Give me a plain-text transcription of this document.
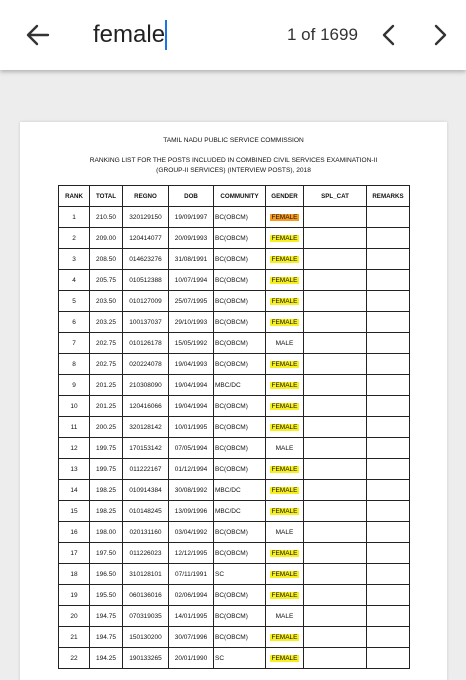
female
1 of 1699
TAMIL NADU PUBLIC SERVICE COMMISSION
RANKING LIST FOR THE POSTS INCLUDED IN COMBINED CIVIL SERVICES EXAMINATION-II
(GROUP-II SERVICES) (INTERVIEW POSTS), 2018
RANK	TOTAL	REGNO	DOB	COMMUNITY	GENDER	SPL_CAT	REMARKS
1	210.50	320129150	19/09/1997	BC(OBCM)	FEMALE		
2	209.00	120414077	20/09/1993	BC(OBCM)	FEMALE		
3	208.50	014623276	31/08/1991	BC(OBCM)	FEMALE		
4	205.75	010512388	10/07/1994	BC(OBCM)	FEMALE		
5	203.50	010127009	25/07/1995	BC(OBCM)	FEMALE		
6	203.25	100137037	29/10/1993	BC(OBCM)	FEMALE		
7	202.75	010126178	15/05/1992	BC(OBCM)	MALE		
8	202.75	020224078	19/04/1993	BC(OBCM)	FEMALE		
9	201.25	210308090	19/04/1994	MBC/DC	FEMALE		
10	201.25	120416066	19/04/1994	BC(OBCM)	FEMALE		
11	200.25	320128142	10/01/1995	BC(OBCM)	FEMALE		
12	199.75	170153142	07/05/1994	BC(OBCM)	MALE		
13	199.75	011222167	01/12/1994	BC(OBCM)	FEMALE		
14	198.25	010914384	30/08/1992	MBC/DC	FEMALE		
15	198.25	010148245	13/09/1996	MBC/DC	FEMALE		
16	198.00	020131160	03/04/1992	BC(OBCM)	MALE		
17	197.50	011226023	12/12/1995	BC(OBCM)	FEMALE		
18	196.50	310128101	07/11/1991	SC	FEMALE		
19	195.50	060136016	02/06/1994	BC(OBCM)	FEMALE		
20	194.75	070319035	14/01/1995	BC(OBCM)	MALE		
21	194.75	150130200	30/07/1996	BC(OBCM)	FEMALE		
22	194.25	190133265	20/01/1990	SC	FEMALE		
